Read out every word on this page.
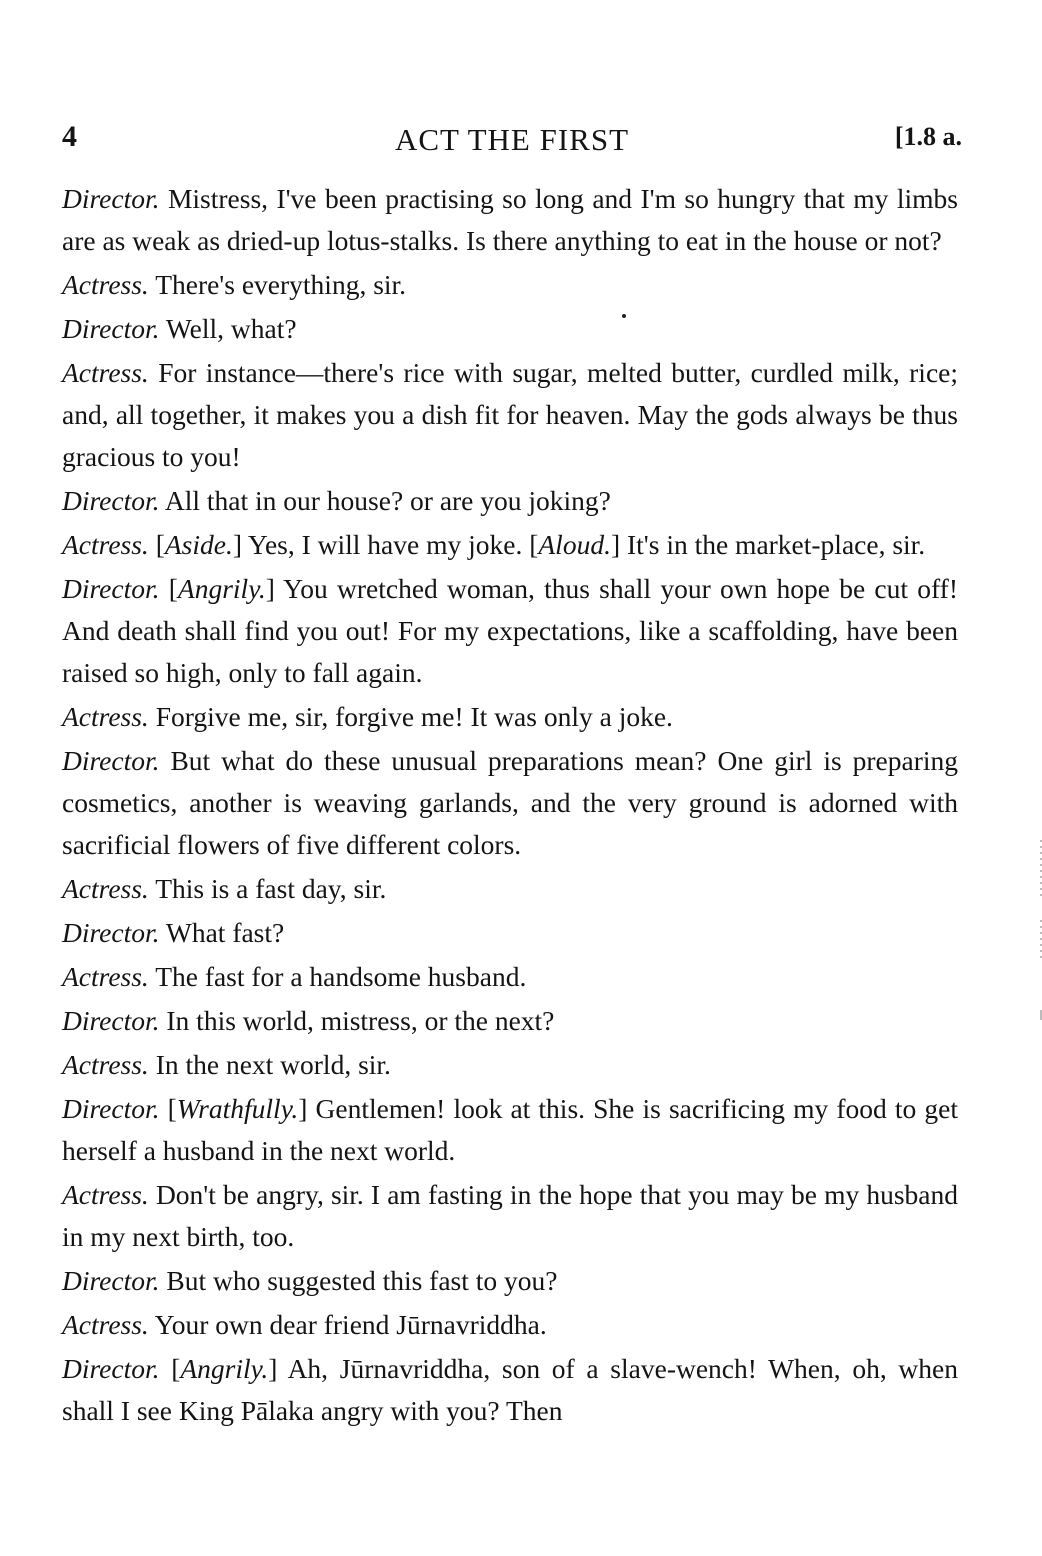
4	ACT THE FIRST	[1.8 a.

Director. Mistress, I've been practising so long and I'm so hungry that my limbs are as weak as dried-up lotus-stalks. Is there anything to eat in the house or not?

Actress. There's everything, sir.

Director. Well, what?

Actress. For instance—there's rice with sugar, melted butter, curdled milk, rice; and, all together, it makes you a dish fit for heaven. May the gods always be thus gracious to you!

Director. All that in our house? or are you joking?

Actress. [Aside.] Yes, I will have my joke. [Aloud.] It's in the market-place, sir.

Director. [Angrily.] You wretched woman, thus shall your own hope be cut off! And death shall find you out! For my expectations, like a scaffolding, have been raised so high, only to fall again.

Actress. Forgive me, sir, forgive me! It was only a joke.

Director. But what do these unusual preparations mean? One girl is preparing cosmetics, another is weaving garlands, and the very ground is adorned with sacrificial flowers of five different colors.

Actress. This is a fast day, sir.

Director. What fast?

Actress. The fast for a handsome husband.

Director. In this world, mistress, or the next?

Actress. In the next world, sir.

Director. [Wrathfully.] Gentlemen! look at this. She is sacrificing my food to get herself a husband in the next world.

Actress. Don't be angry, sir. I am fasting in the hope that you may be my husband in my next birth, too.

Director. But who suggested this fast to you?

Actress. Your own dear friend Jūrnavriddha.

Director. [Angrily.] Ah, Jūrnavriddha, son of a slave-wench! When, oh, when shall I see King Pālaka angry with you? Then
